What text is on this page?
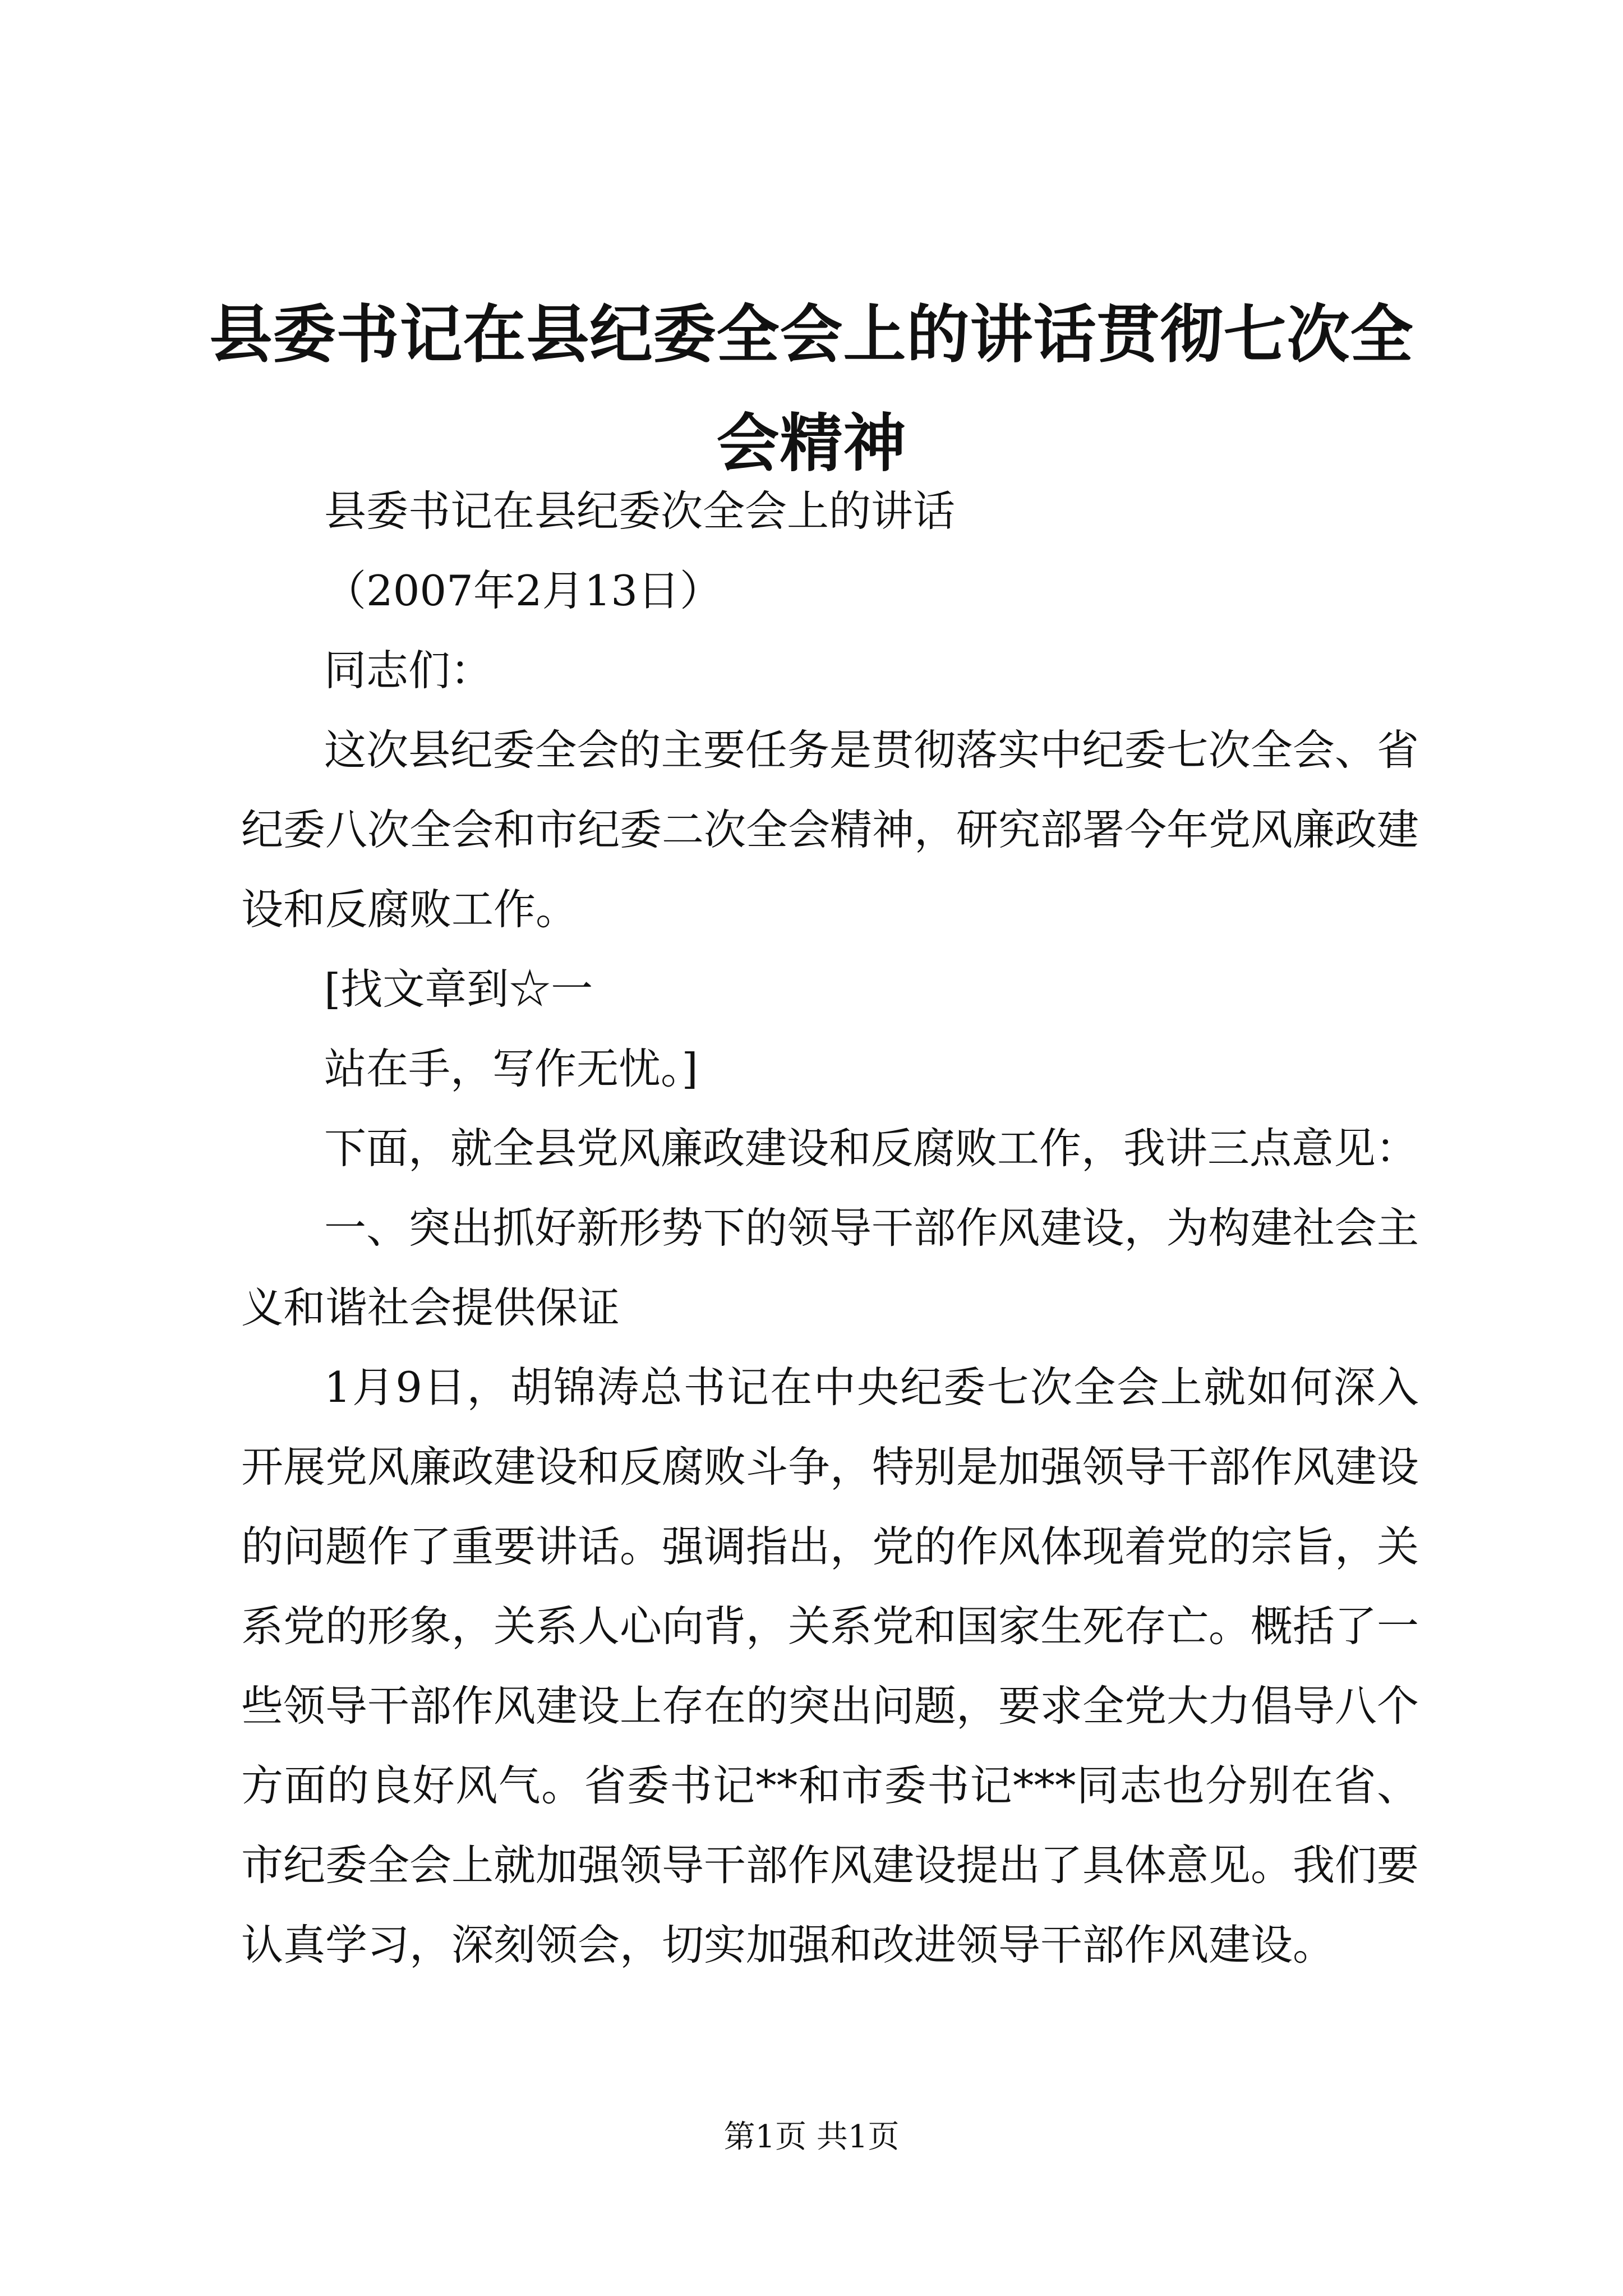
县委书记在县纪委全会上的讲话贯彻七次全会精神

县委书记在县纪委次全会上的讲话

（2007年2月13日）

同志们：

这次县纪委全会的主要任务是贯彻落实中纪委七次全会、省纪委八次全会和市纪委二次全会精神，研究部署今年党风廉政建设和反腐败工作。

[找文章到☆一

站在手，写作无忧。]

下面，就全县党风廉政建设和反腐败工作，我讲三点意见：

一、突出抓好新形势下的领导干部作风建设，为构建社会主义和谐社会提供保证

1月9日，胡锦涛总书记在中央纪委七次全会上就如何深入开展党风廉政建设和反腐败斗争，特别是加强领导干部作风建设的问题作了重要讲话。强调指出，党的作风体现着党的宗旨，关系党的形象，关系人心向背，关系党和国家生死存亡。概括了一些领导干部作风建设上存在的突出问题，要求全党大力倡导八个方面的良好风气。省委书记**和市委书记***同志也分别在省、市纪委全会上就加强领导干部作风建设提出了具体意见。我们要认真学习，深刻领会，切实加强和改进领导干部作风建设。

第1页 共1页
